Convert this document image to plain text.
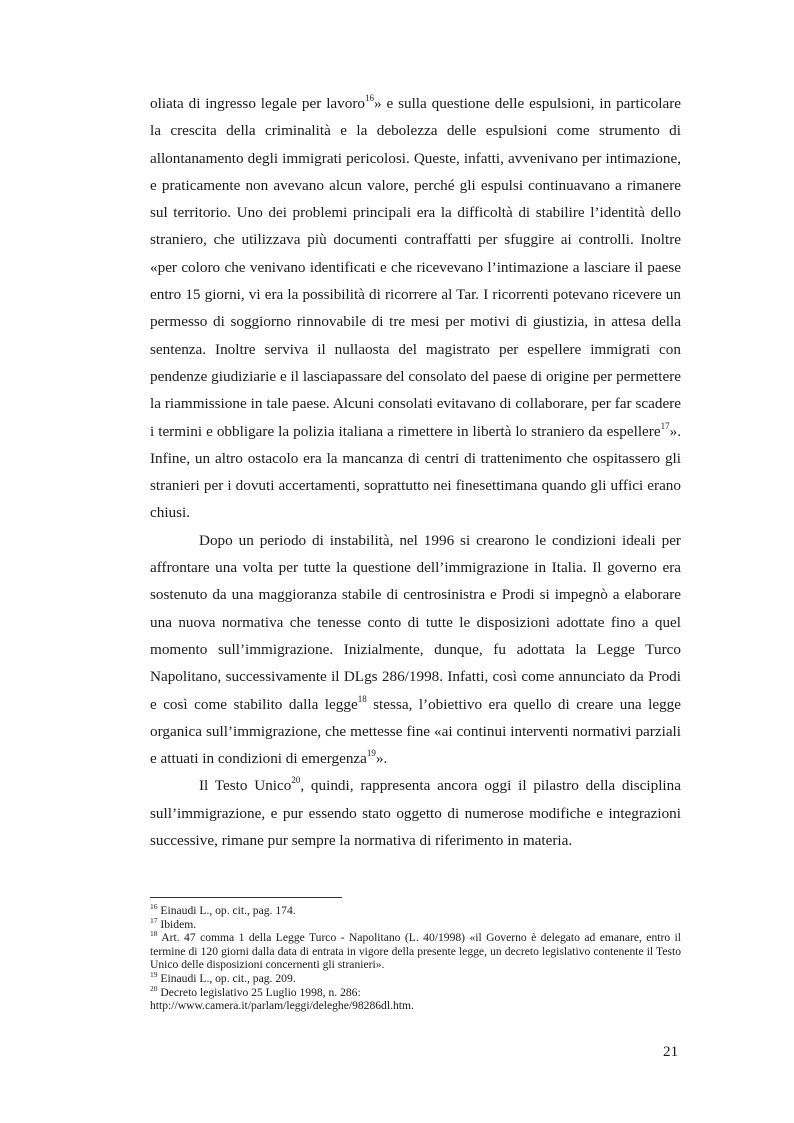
oliata di ingresso legale per lavoro$^{16}$» e sulla questione delle espulsioni, in particolare la crescita della criminalità e la debolezza delle espulsioni come strumento di allontanamento degli immigrati pericolosi. Queste, infatti, avvenivano per intimazione, e praticamente non avevano alcun valore, perché gli espulsi continuavano a rimanere sul territorio. Uno dei problemi principali era la difficoltà di stabilire l’identità dello straniero, che utilizzava più documenti contraffatti per sfuggire ai controlli. Inoltre «per coloro che venivano identificati e che ricevevano l’intimazione a lasciare il paese entro 15 giorni, vi era la possibilità di ricorrere al Tar. I ricorrenti potevano ricevere un permesso di soggiorno rinnovabile di tre mesi per motivi di giustizia, in attesa della sentenza. Inoltre serviva il nullaosta del magistrato per espellere immigrati con pendenze giudiziarie e il lasciapassare del consolato del paese di origine per permettere la riammissione in tale paese. Alcuni consolati evitavano di collaborare, per far scadere i termini e obbligare la polizia italiana a rimettere in libertà lo straniero da espellere$^{17}$». Infine, un altro ostacolo era la mancanza di centri di trattenimento che ospitassero gli stranieri per i dovuti accertamenti, soprattutto nei finesettimana quando gli uffici erano chiusi.

Dopo un periodo di instabilità, nel 1996 si crearono le condizioni ideali per affrontare una volta per tutte la questione dell’immigrazione in Italia. Il governo era sostenuto da una maggioranza stabile di centrosinistra e Prodi si impegnò a elaborare una nuova normativa che tenesse conto di tutte le disposizioni adottate fino a quel momento sull’immigrazione. Inizialmente, dunque, fu adottata la Legge Turco Napolitano, successivamente il DLgs 286/1998. Infatti, così come annunciato da Prodi e così come stabilito dalla legge$^{18}$ stessa, l’obiettivo era quello di creare una legge organica sull’immigrazione, che mettesse fine «ai continui interventi normativi parziali e attuati in condizioni di emergenza$^{19}$».

Il Testo Unico$^{20}$, quindi, rappresenta ancora oggi il pilastro della disciplina sull’immigrazione, e pur essendo stato oggetto di numerose modifiche e integrazioni successive, rimane pur sempre la normativa di riferimento in materia.

$^{16}$ Einaudi L., op. cit., pag. 174.

$^{17}$ Ibidem.

$^{18}$ Art. 47 comma 1 della Legge Turco - Napolitano (L. 40/1998) «il Governo è delegato ad emanare, entro il termine di 120 giorni dalla data di entrata in vigore della presente legge, un decreto legislativo contenente il Testo Unico delle disposizioni concernenti gli stranieri».

$^{19}$ Einaudi L., op. cit., pag. 209.

$^{20}$ Decreto legislativo 25 Luglio 1998, n. 286:

http://www.camera.it/parlam/leggi/deleghe/98286dl.htm.

21
